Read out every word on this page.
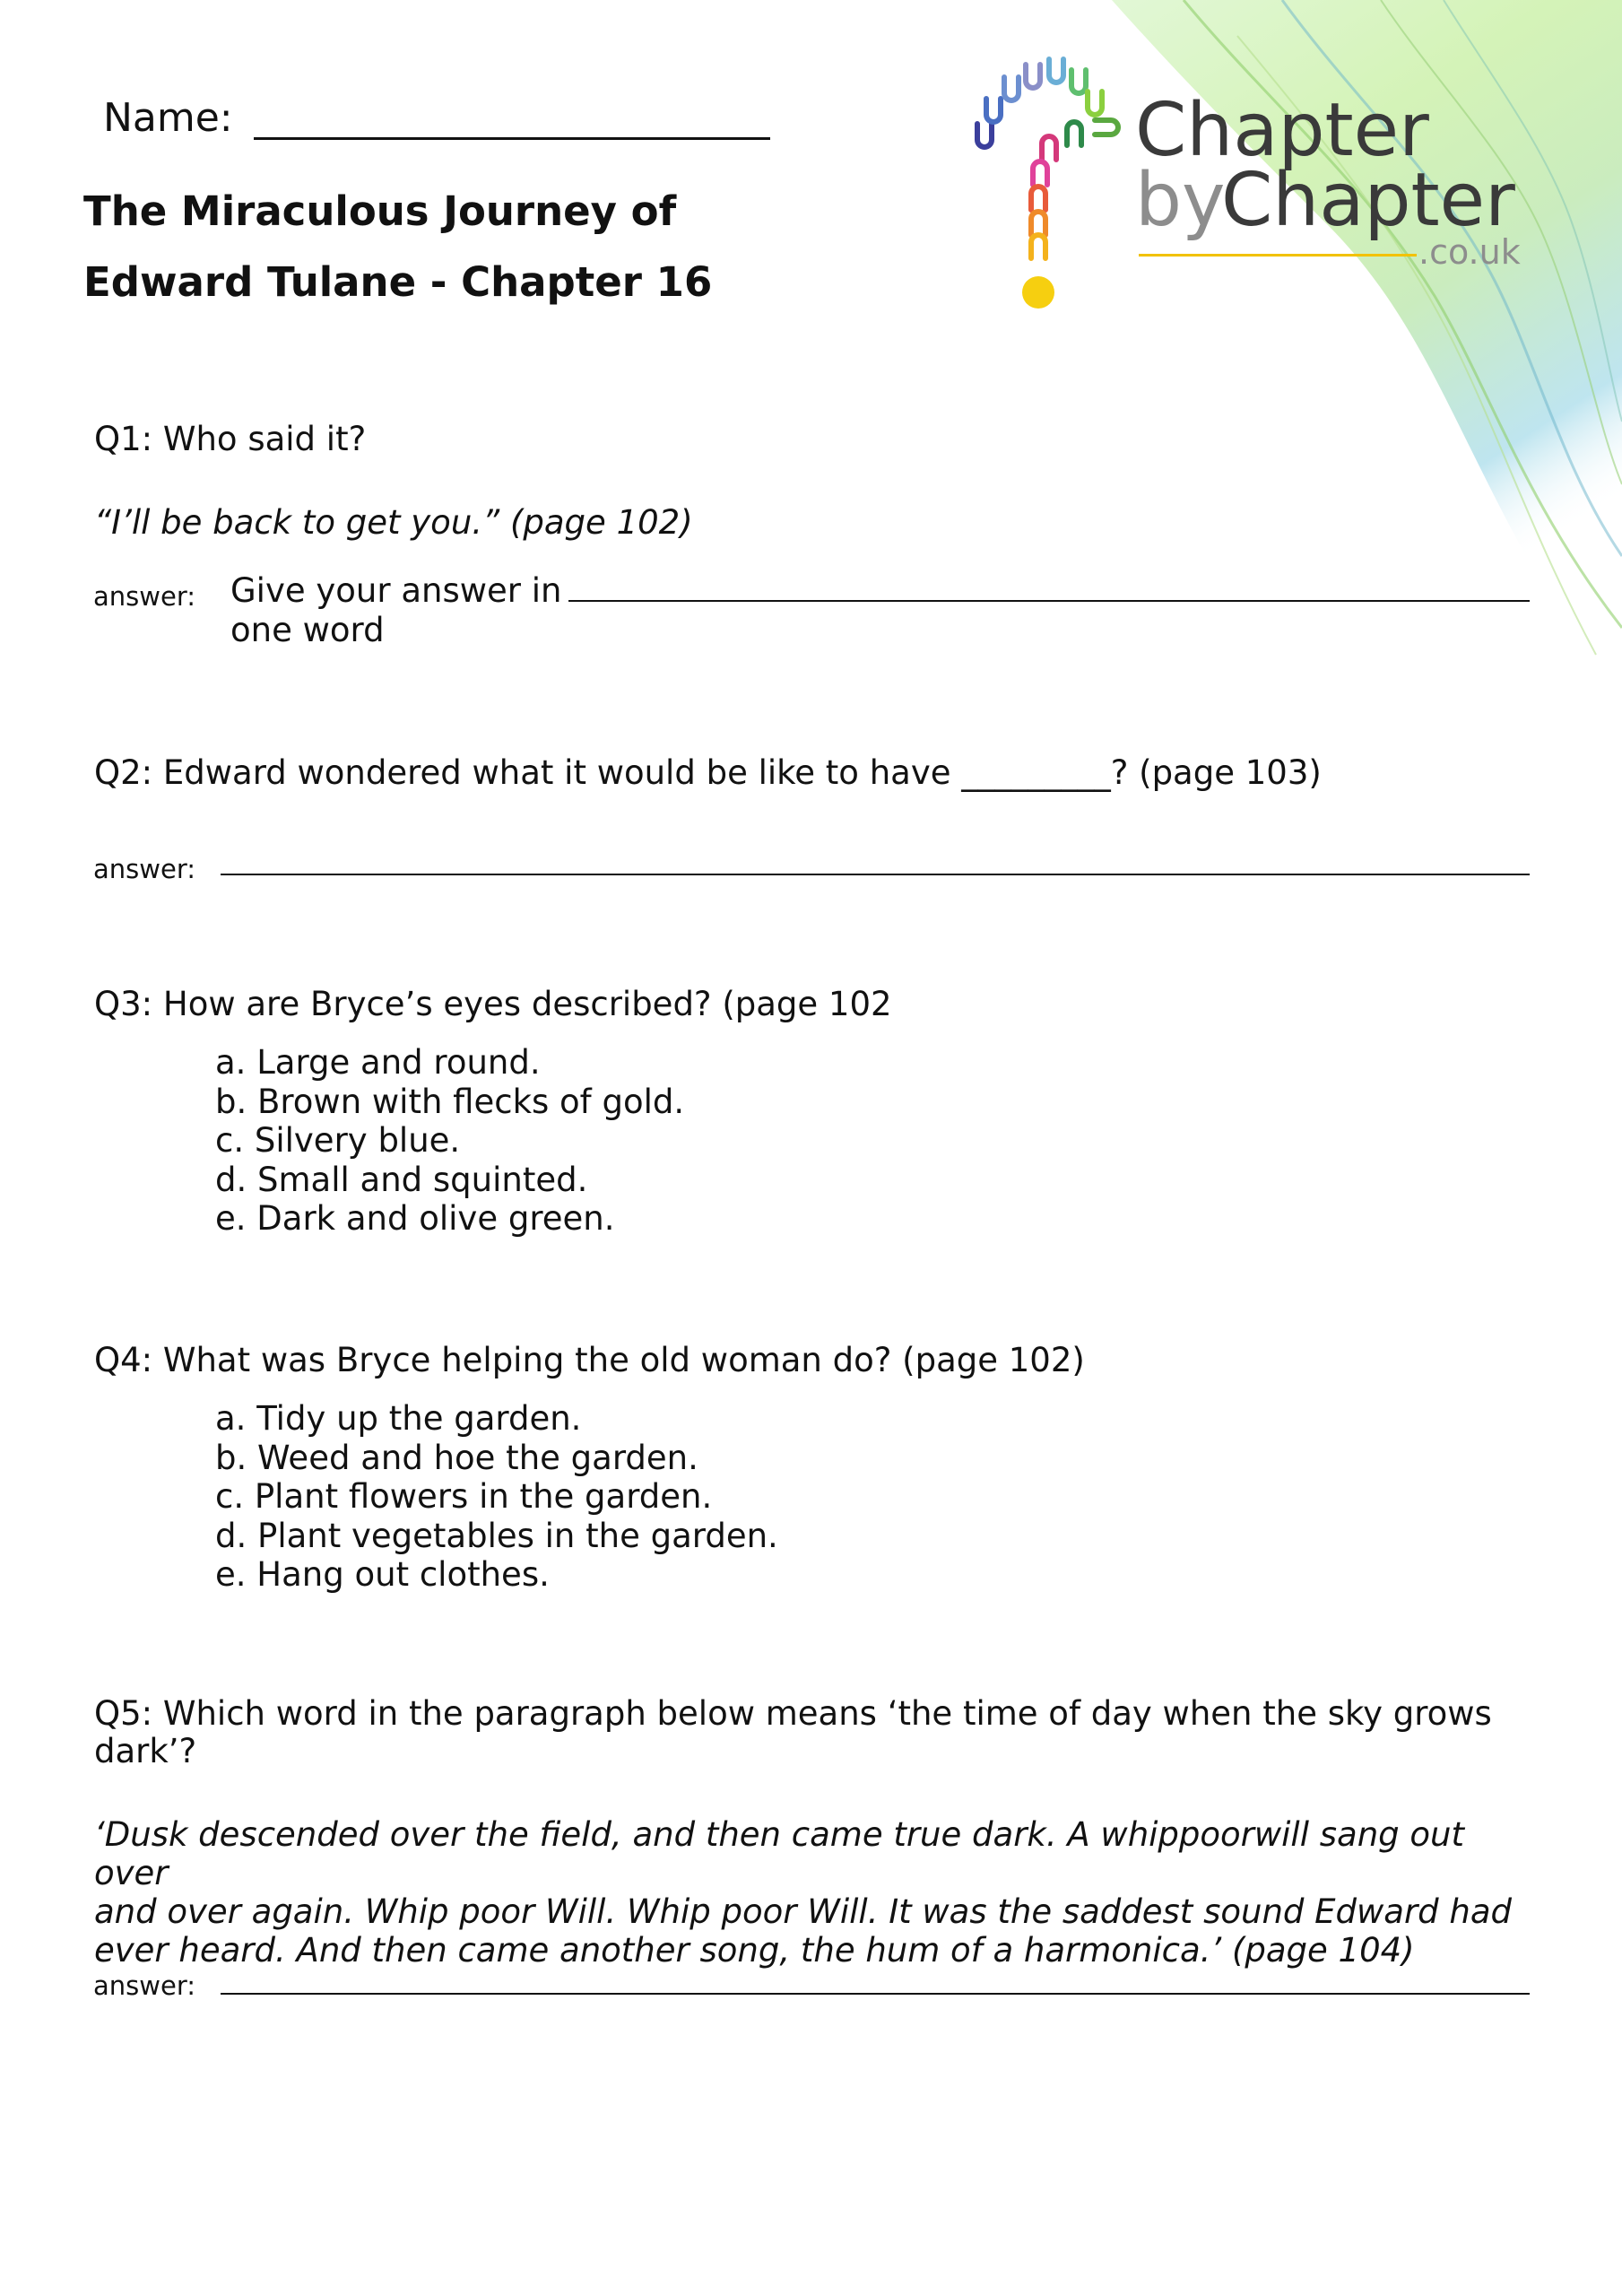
Name:
The Miraculous Journey of
Edward Tulane - Chapter 16
Chapter
by
Chapter
.co.uk
Q1: Who said it?
“I’ll be back to get you.” (page 102)
answer: Give your answer in
one word
Q2: Edward wondered what it would be like to have _________? (page 103)
answer:
Q3: How are Bryce’s eyes described? (page 102
a. Large and round.
b. Brown with flecks of gold.
c. Silvery blue.
d. Small and squinted.
e. Dark and olive green.
Q4: What was Bryce helping the old woman do? (page 102)
a. Tidy up the garden.
b. Weed and hoe the garden.
c. Plant flowers in the garden.
d. Plant vegetables in the garden.
e. Hang out clothes.
Q5: Which word in the paragraph below means ‘the time of day when the sky grows
dark’?
‘Dusk descended over the field, and then came true dark. A whippoorwill sang out over
and over again. Whip poor Will. Whip poor Will. It was the saddest sound Edward had
ever heard. And then came another song, the hum of a harmonica.’ (page 104)
answer:
